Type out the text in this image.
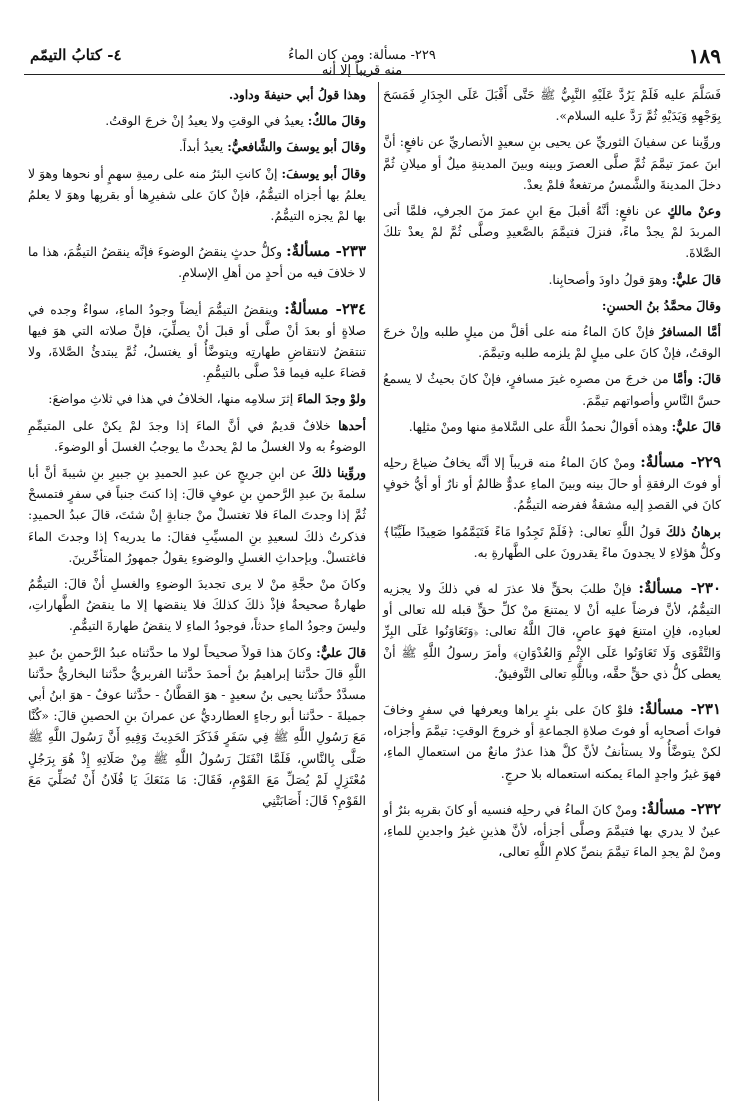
١٨٩
٢٢٩- مسألة: ومن كان الماءُ منه قريباً إلا أنه
٤- كتابُ التيمّم

فَسَلَّمَ عليه فَلَمْ يَرُدَّ عَلَيْهِ النَّبِيُّ ﷺ حَتَّى أَقْبَلَ عَلَى الجِدَارِ فَمَسَحَ بِوَجْهِهِ وَيَدَيْهِ ثُمَّ رَدَّ عليه السلام».

وروِّينا عن سفيانَ الثوريِّ عن يحيى بنِ سعيدٍ الأنصاريِّ عن نافعٍ: أنَّ ابنَ عمرَ تيمَّمَ ثُمَّ صلَّى العصرَ وبينه وبينَ المدينةِ ميلٌ أو ميلانِ ثُمَّ دخلَ المدينةَ والشَّمسُ مرتفعةٌ فلمْ يعدْ.

وعنْ مالكٍ عن نافعٍ: أنَّهُ أقبلَ معَ ابنِ عمرَ منَ الجرفِ، فلمَّا أتى المربدَ لمْ يجدْ ماءً، فنزلَ فتيمَّمَ بالصَّعيدِ وصلَّى ثُمَّ لمْ يعدْ تلكَ الصَّلاةَ.

قالَ عليٌّ: وهوَ قولُ داودَ وأصحابِنا.

وقالَ محمَّدُ بنُ الحسنِ:

أمَّا المسافرُ فإنْ كانَ الماءُ منه على أقلَّ من ميلٍ طلبه وإنْ خرجَ الوقتُ، فإنْ كانَ على ميلٍ لمْ يلزمه طلبه وتيمَّمَ.

قالَ: وأمَّا من خرجَ من مصرِه غيرَ مسافرٍ، فإنْ كانَ بحيثُ لا يسمعُ حسَّ النَّاسِ وأصواتهم تيمَّمَ.

قالَ عليٌّ: وهذه أقوالٌ نحمدُ اللَّهَ على السَّلامةِ منها ومنْ مثلِها.

٢٢٩- مسألةٌ: ومنْ كانَ الماءُ منه قريباً إلا أنَّه يخافُ ضياعَ رحلِه أو فوتَ الرفقةِ أو حالَ بينه وبينَ الماءِ عدوٌّ ظالمٌ أو نارٌ أو أيُّ خوفٍ كانَ في القصدِ إليه مشقةٌ ففرضه التيمُّمُ.

برهانُ ذلكَ قولُ اللَّهِ تعالى: ﴿فَلَمْ تَجِدُوا مَاءً فَتَيَمَّمُوا صَعِيدًا طَيِّبًا﴾ وكلُّ هؤلاءِ لا يجدونَ ماءً يقدرونَ على الطَّهارةِ به.

٢٣٠- مسألةٌ: فإنْ طلبَ بحقٍّ فلا عذرَ له في ذلكَ ولا يجزيه التيمُّمُ، لأنَّ فرضاً عليه أنْ لا يمتنعَ منْ كلِّ حقٍّ قبله لله تعالى أو لعبادِه، فإنِ امتنعَ فهوَ عاصٍ، قالَ اللَّهُ تعالى: ﴿وَتَعَاوَنُوا عَلَى البِرِّ وَالتَّقْوَى وَلَا تَعَاوَنُوا عَلَى الإِثْمِ وَالعُدْوَانِ﴾ وأمرَ رسولُ اللَّهِ ﷺ أنْ يعطى كلُّ ذي حقٍّ حقَّه، وباللَّهِ تعالى التَّوفيقُ.

٢٣١- مسألةٌ: فلوْ كانَ على بئرٍ يراها ويعرفها في سفرٍ وخافَ فواتَ أصحابِه أو فوتَ صلاةِ الجماعةِ أو خروجَ الوقتِ: تيمَّمَ وأجزاه، لكنْ يتوضَّأُ ولا يستأنفُ لأنَّ كلَّ هذا عذرٌ مانعٌ من استعمالِ الماءِ، فهوَ غيرُ واجدٍ الماءَ يمكنه استعماله بلا حرجٍ.

٢٣٢- مسألةٌ: ومنْ كانَ الماءُ في رحلِه فنسيه أو كانَ بقربِه بئرٌ أو عينٌ لا يدري بها فتيمَّمَ وصلَّى أجزأه، لأنَّ هذينِ غيرُ واجدينِ للماءِ، ومنْ لمْ يجدِ الماءَ تيمَّمَ بنصِّ كلامِ اللَّهِ تعالى،

وهذا قولُ أبي حنيفةَ وداود.

وقالَ مالكٌ: يعيدُ في الوقتِ ولا يعيدُ إنْ خرجَ الوقتُ.

وقالَ أبو يوسفَ والشَّافعيُّ: يعيدُ أبداً.

وقالَ أبو يوسفَ: إنْ كانتِ البئرُ منه على رميةِ سهمٍ أو نحوها وهوَ لا يعلمُ بها أجزاه التيمُّمُ، فإنْ كانَ على شفيرِها أو بقربِها وهوَ لا يعلمُ بها لمْ يجزه التيمُّمُ.

٢٣٣- مسألةٌ: وكلُّ حدثٍ ينقضُ الوضوءَ فإنَّه ينقضُ التيمُّمَ، هذا ما لا خلافَ فيه من أحدٍ من أهلِ الإسلامِ.

٢٣٤- مسألةٌ: وينقضُ التيمُّمَ أيضاً وجودُ الماءِ، سواءٌ وجده في صلاةٍ أو بعدَ أنْ صلَّى أو قبلَ أنْ يصلِّيَ، فإنَّ صلاته التي هوَ فيها تنتقضُ لانتقاضِ طهارتِه ويتوضَّأُ أو يغتسلُ، ثُمَّ يبتدئُ الصَّلاةَ، ولا قضاءَ عليه فيما قدْ صلَّى بالتيمُّمِ.

ولوْ وجدَ الماءَ إثرَ سلامِه منها، الخلافُ في هذا في ثلاثِ مواضعَ:

أحدها خلافٌ قديمٌ في أنَّ الماءَ إذا وجدَ لمْ يكنْ على المتيمِّمِ الوضوءُ به ولا الغسلُ ما لمْ يحدثْ ما يوجبُ الغسلَ أو الوضوءَ.

وروِّينا ذلكَ عن ابنِ جريجٍ عن عبدِ الحميدِ بنِ جبيرِ بنِ شيبةَ أنَّ أبا سلمةَ بنَ عبدِ الرَّحمنِ بنِ عوفٍ قالَ: إذا كنتَ جنباً في سفرٍ فتمسحْ ثُمَّ إذا وجدتَ الماءَ فلا تغتسلْ منْ جنابةٍ إنْ شئتَ، قالَ عبدُ الحميدِ: فذكرتُ ذلكَ لسعيدِ بنِ المسيِّبِ فقالَ: ما يدريه؟ إذا وجدتَ الماءَ فاغتسلْ. وبإحداثِ الغسلِ والوضوءِ يقولُ جمهورُ المتأخِّرينَ.

وكانَ منْ حجَّةِ منْ لا يرى تجديدَ الوضوءِ والغسلِ أنْ قالَ: التيمُّمُ طهارةٌ صحيحةٌ فإذْ ذلكَ كذلكَ فلا ينقضها إلا ما ينقضُ الطَّهاراتِ، وليسَ وجودُ الماءِ حدثاً، فوجودُ الماءِ لا ينقضُ طهارةَ التيمُّمِ.

قالَ عليٌّ: وكانَ هذا قولاً صحيحاً لولا ما حدَّثناه عبدُ الرَّحمنِ بنُ عبدِ اللَّهِ قالَ حدَّثنا إبراهيمُ بنُ أحمدَ حدَّثنا الفربريُّ حدَّثنا البخاريُّ حدَّثنا مسدَّدٌ حدَّثنا يحيى بنُ سعيدٍ - هوَ القطَّانُ - حدَّثنا عوفٌ - هوَ ابنُ أبي جميلةَ - حدَّثنا أبو رجاءٍ العطارديُّ عن عمرانَ بنِ الحصينِ قالَ: «كُنَّا مَعَ رَسُولِ اللَّهِ ﷺ فِي سَفَرٍ فَذَكَرَ الحَدِيثَ وَفِيهِ أَنَّ رَسُولَ اللَّهِ ﷺ صَلَّى بِالنَّاسِ، فَلَمَّا انْفَتَلَ رَسُولُ اللَّهِ ﷺ مِنْ صَلَاتِهِ إِذْ هُوَ بِرَجُلٍ مُعْتَزِلٍ لَمْ يُصَلِّ مَعَ القَوْمِ، فَقَالَ: مَا مَنَعَكَ يَا فُلَانُ أَنْ تُصَلِّيَ مَعَ القَوْمِ؟ قَالَ: أَصَابَتْنِي
